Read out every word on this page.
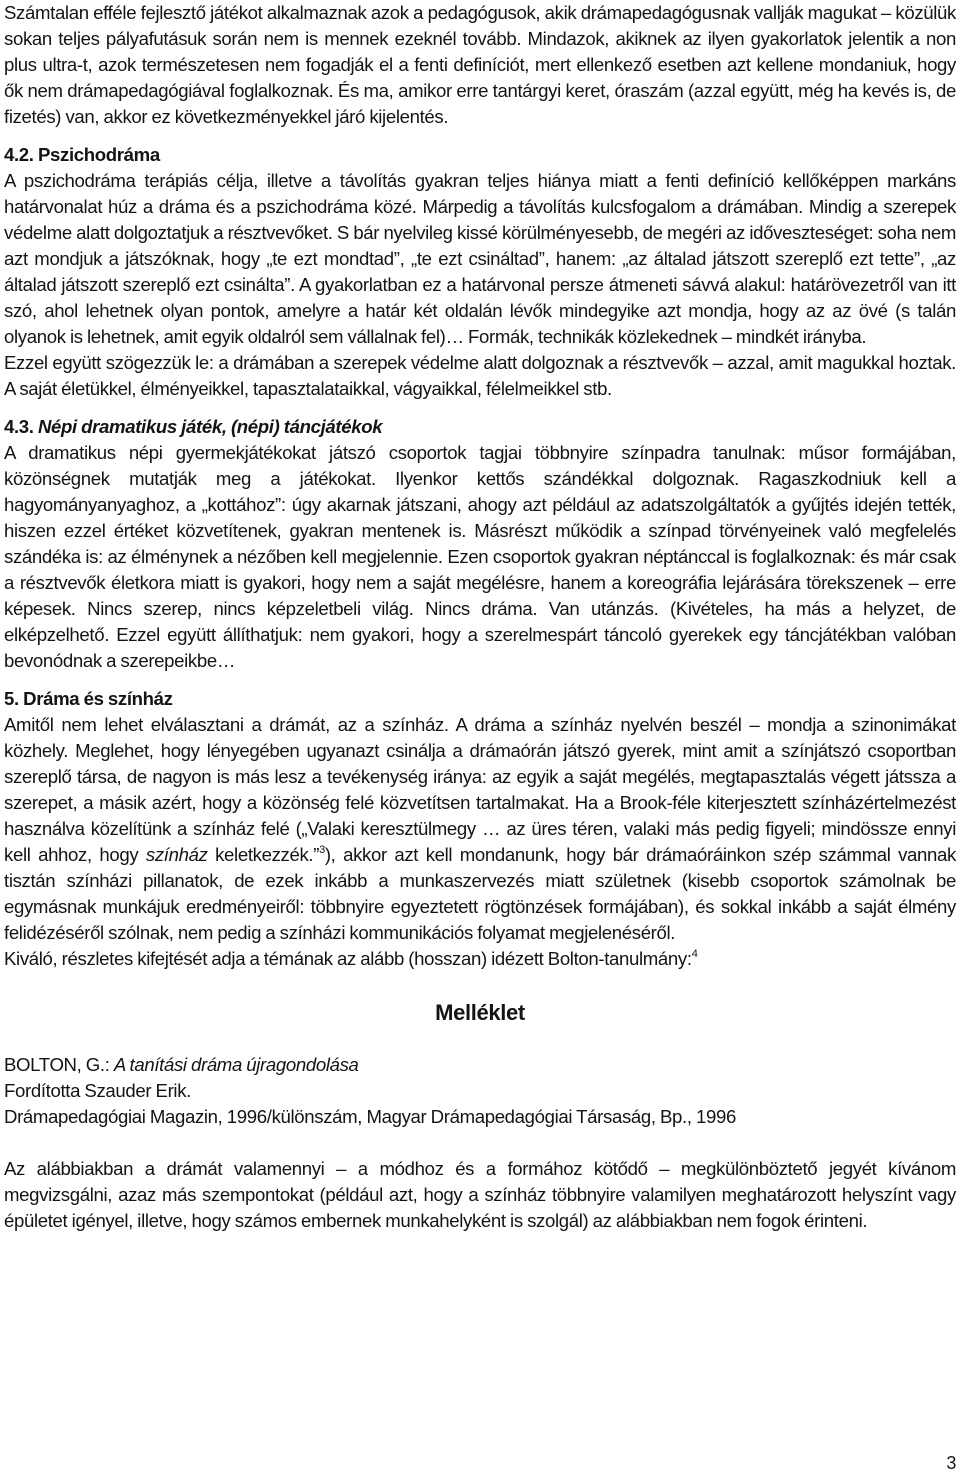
Számtalan efféle fejlesztő játékot alkalmaznak azok a pedagógusok, akik drámapedagógusnak vallják magukat – közülük sokan teljes pályafutásuk során nem is mennek ezeknél tovább. Mindazok, akiknek az ilyen gyakorlatok jelentik a non plus ultra-t, azok természetesen nem fogadják el a fenti definíciót, mert ellenkező esetben azt kellene mondaniuk, hogy ők nem drámapedagógiával foglalkoznak. És ma, amikor erre tantárgyi keret, óraszám (azzal együtt, még ha kevés is, de fizetés) van, akkor ez következményekkel járó kijelentés.

4.2. Pszichodráma

A pszichodráma terápiás célja, illetve a távolítás gyakran teljes hiánya miatt a fenti definíció kellőképpen markáns határvonalat húz a dráma és a pszichodráma közé. Márpedig a távolítás kulcsfogalom a drámában. Mindig a szerepek védelme alatt dolgoztatjuk a résztvevőket. S bár nyelvileg kissé körülményesebb, de megéri az időveszteséget: soha nem azt mondjuk a játszóknak, hogy „te ezt mondtad”, „te ezt csináltad”, hanem: „az általad játszott szereplő ezt tette”, „az általad játszott szereplő ezt csinálta”. A gyakorlatban ez a határvonal persze átmeneti sávvá alakul: határövezetről van itt szó, ahol lehetnek olyan pontok, amelyre a határ két oldalán lévők mindegyike azt mondja, hogy az az övé (s talán olyanok is lehetnek, amit egyik oldalról sem vállalnak fel)… Formák, technikák közlekednek – mindkét irányba.

Ezzel együtt szögezzük le: a drámában a szerepek védelme alatt dolgoznak a résztvevők – azzal, amit magukkal hoztak. A saját életükkel, élményeikkel, tapasztalataikkal, vágyaikkal, félelmeikkel stb.

4.3. Népi dramatikus játék, (népi) táncjátékok

A dramatikus népi gyermekjátékokat játszó csoportok tagjai többnyire színpadra tanulnak: műsor formájában, közönségnek mutatják meg a játékokat. Ilyenkor kettős szándékkal dolgoznak. Ragaszkodniuk kell a hagyományanyaghoz, a „kottához”: úgy akarnak játszani, ahogy azt például az adatszolgáltatók a gyűjtés idején tették, hiszen ezzel értéket közvetítenek, gyakran mentenek is. Másrészt működik a színpad törvényeinek való megfelelés szándéka is: az élménynek a nézőben kell megjelennie. Ezen csoportok gyakran néptánccal is foglalkoznak: és már csak a résztvevők életkora miatt is gyakori, hogy nem a saját megélésre, hanem a koreográfia lejárására törekszenek – erre képesek. Nincs szerep, nincs képzeletbeli világ. Nincs dráma. Van utánzás. (Kivételes, ha más a helyzet, de elképzelhető. Ezzel együtt állíthatjuk: nem gyakori, hogy a szerelmespárt táncoló gyerekek egy táncjátékban valóban bevonódnak a szerepeikbe…

5. Dráma és színház

Amitől nem lehet elválasztani a drámát, az a színház. A dráma a színház nyelvén beszél – mondja a szinonimákat közhely. Meglehet, hogy lényegében ugyanazt csinálja a drámaórán játszó gyerek, mint amit a színjátszó csoportban szereplő társa, de nagyon is más lesz a tevékenység iránya: az egyik a saját megélés, megtapasztalás végett játssza a szerepet, a másik azért, hogy a közönség felé közvetítsen tartalmakat. Ha a Brook-féle kiterjesztett színházértelmezést használva közelítünk a színház felé („Valaki keresztülmegy … az üres téren, valaki más pedig figyeli; mindössze ennyi kell ahhoz, hogy színház keletkezzék.”$^3$), akkor azt kell mondanunk, hogy bár drámaóráinkon szép számmal vannak tisztán színházi pillanatok, de ezek inkább a munkaszervezés miatt születnek (kisebb csoportok számolnak be egymásnak munkájuk eredményeiről: többnyire egyeztetett rögtönzések formájában), és sokkal inkább a saját élmény felidézéséről szólnak, nem pedig a színházi kommunikációs folyamat megjelenéséről.

Kiváló, részletes kifejtését adja a témának az alább (hosszan) idézett Bolton-tanulmány:$^4$

Melléklet

BOLTON, G.: A tanítási dráma újragondolása

Fordította Szauder Erik.

Drámapedagógiai Magazin, 1996/különszám, Magyar Drámapedagógiai Társaság, Bp., 1996

Az alábbiakban a drámát valamennyi – a módhoz és a formához kötődő – megkülönböztető jegyét kívánom megvizsgálni, azaz más szempontokat (például azt, hogy a színház többnyire valamilyen meghatározott helyszínt vagy épületet igényel, illetve, hogy számos embernek munkahelyként is szolgál) az alábbiakban nem fogok érinteni.

3
